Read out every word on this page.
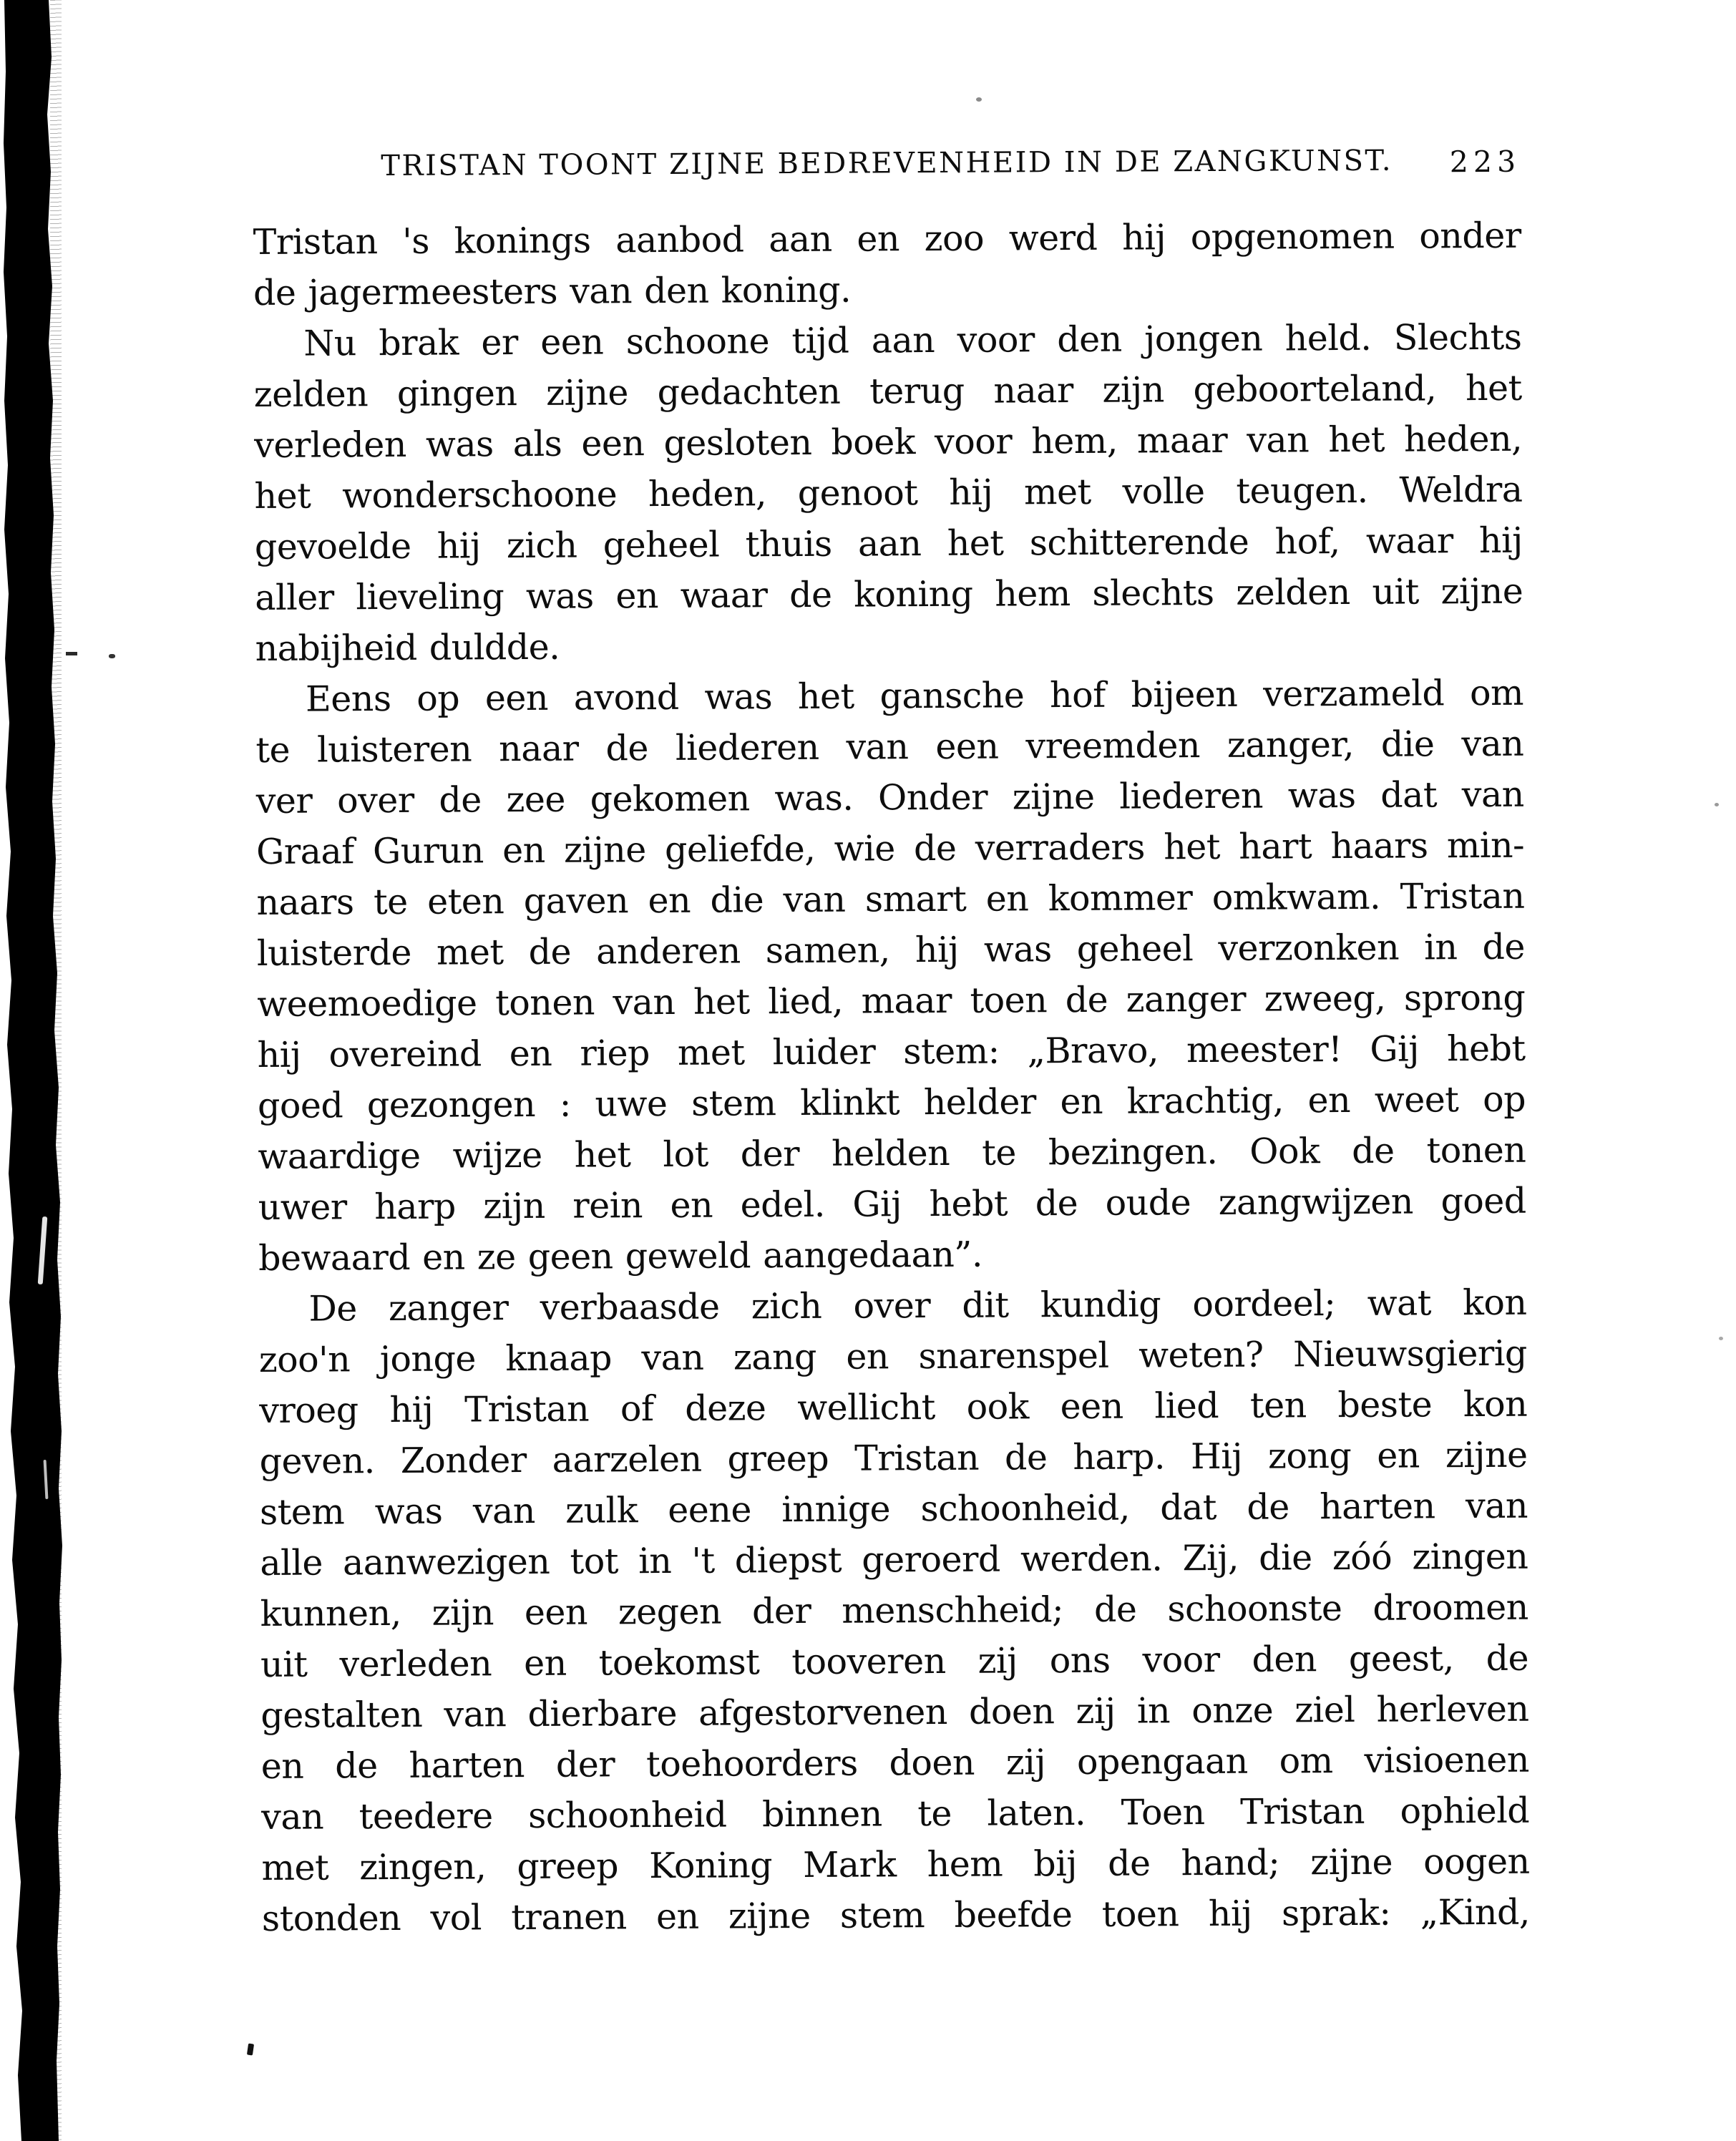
TRISTAN TOONT ZIJNE BEDREVENHEID IN DE ZANGKUNST.	223
Tristan 's konings aanbod aan en zoo werd hij opgenomen onder
de jagermeesters van den koning.
Nu brak er een schoone tijd aan voor den jongen held. Slechts
zelden gingen zijne gedachten terug naar zijn geboorteland, het
verleden was als een gesloten boek voor hem, maar van het heden,
het wonderschoone heden, genoot hij met volle teugen. Weldra
gevoelde hij zich geheel thuis aan het schitterende hof, waar hij
aller lieveling was en waar de koning hem slechts zelden uit zijne
nabijheid duldde.
Eens op een avond was het gansche hof bijeen verzameld om
te luisteren naar de liederen van een vreemden zanger, die van
ver over de zee gekomen was. Onder zijne liederen was dat van
Graaf Gurun en zijne geliefde, wie de verraders het hart haars min-
naars te eten gaven en die van smart en kommer omkwam. Tristan
luisterde met de anderen samen, hij was geheel verzonken in de
weemoedige tonen van het lied, maar toen de zanger zweeg, sprong
hij overeind en riep met luider stem: „Bravo, meester! Gij hebt
goed gezongen : uwe stem klinkt helder en krachtig, en weet op
waardige wijze het lot der helden te bezingen. Ook de tonen
uwer harp zijn rein en edel. Gij hebt de oude zangwijzen goed
bewaard en ze geen geweld aangedaan”.
De zanger verbaasde zich over dit kundig oordeel; wat kon
zoo'n jonge knaap van zang en snarenspel weten? Nieuwsgierig
vroeg hij Tristan of deze wellicht ook een lied ten beste kon
geven. Zonder aarzelen greep Tristan de harp. Hij zong en zijne
stem was van zulk eene innige schoonheid, dat de harten van
alle aanwezigen tot in 't diepst geroerd werden. Zij, die zóó zingen
kunnen, zijn een zegen der menschheid; de schoonste droomen
uit verleden en toekomst tooveren zij ons voor den geest, de
gestalten van dierbare afgestorvenen doen zij in onze ziel herleven
en de harten der toehoorders doen zij opengaan om visioenen
van teedere schoonheid binnen te laten. Toen Tristan ophield
met zingen, greep Koning Mark hem bij de hand; zijne oogen
stonden vol tranen en zijne stem beefde toen hij sprak: „Kind,
